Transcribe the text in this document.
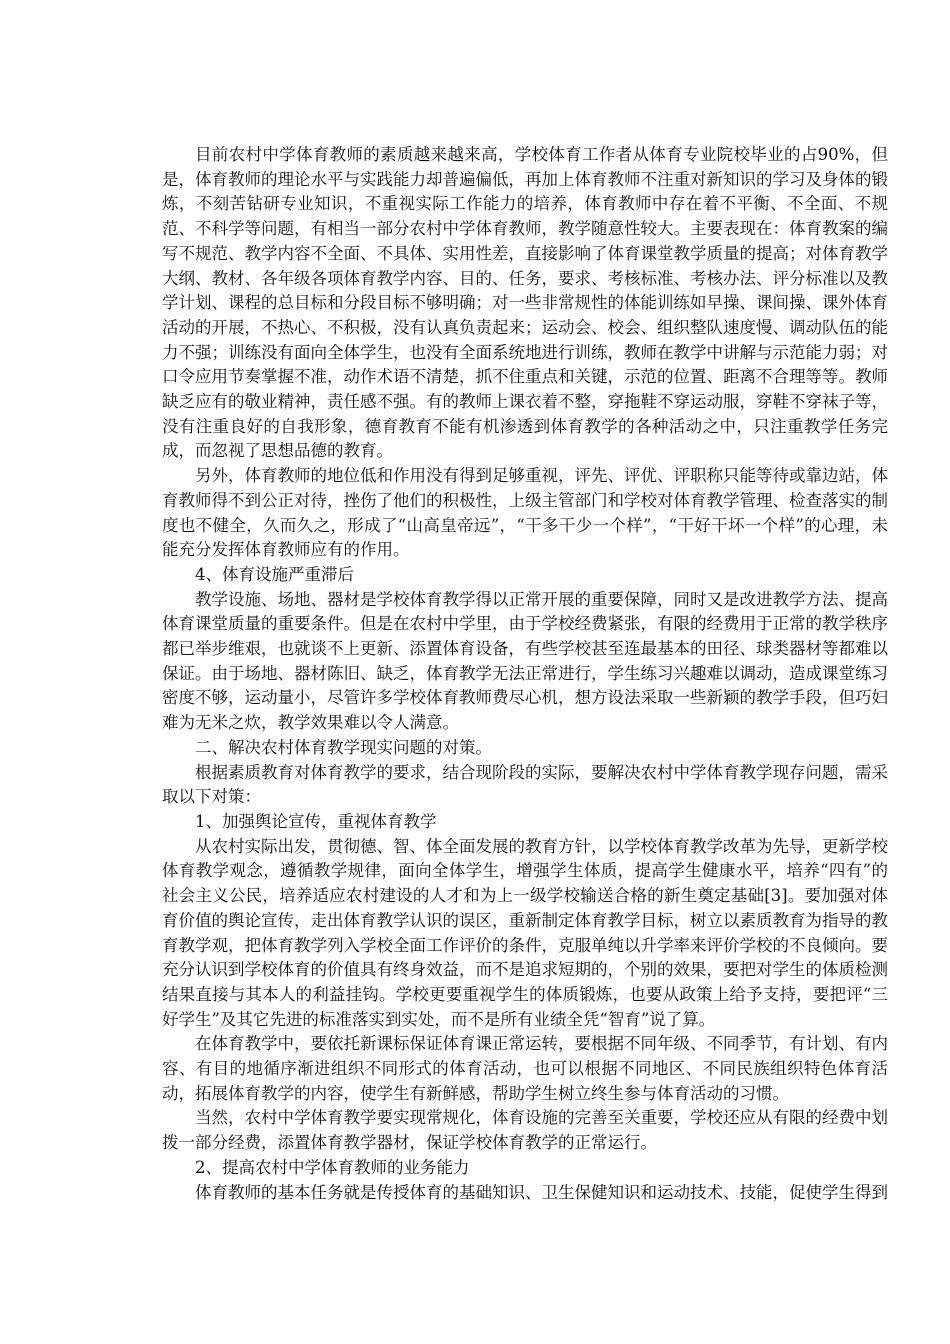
目前农村中学体育教师的素质越来越来高，学校体育工作者从体育专业院校毕业的占90%，但是，体育教师的理论水平与实践能力却普遍偏低，再加上体育教师不注重对新知识的学习及身体的锻炼，不刻苦钻研专业知识，不重视实际工作能力的培养，体育教师中存在着不平衡、不全面、不规范、不科学等问题，有相当一部分农村中学体育教师，教学随意性较大。主要表现在：体育教案的编写不规范、教学内容不全面、不具体、实用性差，直接影响了体育课堂教学质量的提高；对体育教学大纲、教材、各年级各项体育教学内容、目的、任务，要求、考核标准、考核办法、评分标准以及教学计划、课程的总目标和分段目标不够明确；对一些非常规性的体能训练如早操、课间操、课外体育活动的开展，不热心、不积极，没有认真负责起来；运动会、校会、组织整队速度慢、调动队伍的能力不强；训练没有面向全体学生，也没有全面系统地进行训练，教师在教学中讲解与示范能力弱；对口令应用节奏掌握不准，动作术语不清楚，抓不住重点和关键，示范的位置、距离不合理等等。教师缺乏应有的敬业精神，责任感不强。有的教师上课衣着不整，穿拖鞋不穿运动服，穿鞋不穿袜子等，没有注重良好的自我形象，德育教育不能有机渗透到体育教学的各种活动之中，只注重教学任务完成，而忽视了思想品德的教育。

另外，体育教师的地位低和作用没有得到足够重视，评先、评优、评职称只能等待或靠边站，体育教师得不到公正对待，挫伤了他们的积极性，上级主管部门和学校对体育教学管理、检查落实的制度也不健全，久而久之，形成了“山高皇帝远”，“干多干少一个样”，“干好干坏一个样”的心理，未能充分发挥体育教师应有的作用。

4、体育设施严重滞后

教学设施、场地、器材是学校体育教学得以正常开展的重要保障，同时又是改进教学方法、提高体育课堂质量的重要条件。但是在农村中学里，由于学校经费紧张，有限的经费用于正常的教学秩序都已举步维艰，也就谈不上更新、添置体育设备，有些学校甚至连最基本的田径、球类器材等都难以保证。由于场地、器材陈旧、缺乏，体育教学无法正常进行，学生练习兴趣难以调动，造成课堂练习密度不够，运动量小，尽管许多学校体育教师费尽心机，想方设法采取一些新颖的教学手段，但巧妇难为无米之炊，教学效果难以令人满意。

二、解决农村体育教学现实问题的对策。

根据素质教育对体育教学的要求，结合现阶段的实际，要解决农村中学体育教学现存问题，需采取以下对策：

1、加强舆论宣传，重视体育教学

从农村实际出发，贯彻德、智、体全面发展的教育方针，以学校体育教学改革为先导，更新学校体育教学观念，遵循教学规律，面向全体学生，增强学生体质，提高学生健康水平，培养“四有”的社会主义公民，培养适应农村建设的人才和为上一级学校输送合格的新生奠定基础[3]。要加强对体育价值的舆论宣传，走出体育教学认识的误区，重新制定体育教学目标，树立以素质教育为指导的教育教学观，把体育教学列入学校全面工作评价的条件，克服单纯以升学率来评价学校的不良倾向。要充分认识到学校体育的价值具有终身效益，而不是追求短期的，个别的效果，要把对学生的体质检测结果直接与其本人的利益挂钩。学校更要重视学生的体质锻炼，也要从政策上给予支持，要把评“三好学生”及其它先进的标准落实到实处，而不是所有业绩全凭“智育”说了算。

在体育教学中，要依托新课标保证体育课正常运转，要根据不同年级、不同季节，有计划、有内容、有目的地循序渐进组织不同形式的体育活动，也可以根据不同地区、不同民族组织特色体育活动，拓展体育教学的内容，使学生有新鲜感，帮助学生树立终生参与体育活动的习惯。

当然，农村中学体育教学要实现常规化，体育设施的完善至关重要，学校还应从有限的经费中划拨一部分经费，添置体育教学器材，保证学校体育教学的正常运行。

2、提高农村中学体育教师的业务能力

体育教师的基本任务就是传授体育的基础知识、卫生保健知识和运动技术、技能，促使学生得到
